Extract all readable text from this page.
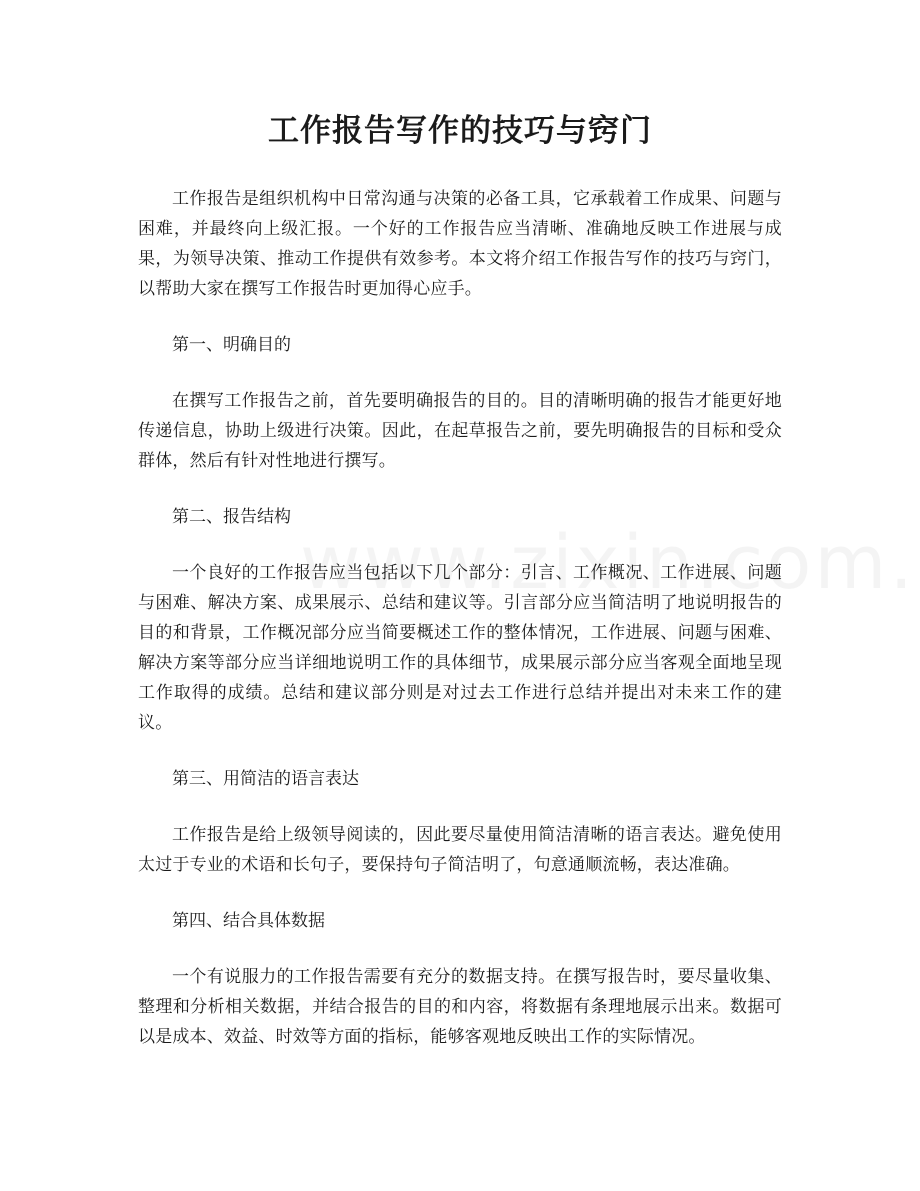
工作报告写作的技巧与窍门

工作报告是组织机构中日常沟通与决策的必备工具，它承载着工作成果、问题与困难，并最终向上级汇报。一个好的工作报告应当清晰、准确地反映工作进展与成果，为领导决策、推动工作提供有效参考。本文将介绍工作报告写作的技巧与窍门，以帮助大家在撰写工作报告时更加得心应手。

第一、明确目的

在撰写工作报告之前，首先要明确报告的目的。目的清晰明确的报告才能更好地传递信息，协助上级进行决策。因此，在起草报告之前，要先明确报告的目标和受众群体，然后有针对性地进行撰写。

第二、报告结构

一个良好的工作报告应当包括以下几个部分：引言、工作概况、工作进展、问题与困难、解决方案、成果展示、总结和建议等。引言部分应当简洁明了地说明报告的目的和背景，工作概况部分应当简要概述工作的整体情况，工作进展、问题与困难、解决方案等部分应当详细地说明工作的具体细节，成果展示部分应当客观全面地呈现工作取得的成绩。总结和建议部分则是对过去工作进行总结并提出对未来工作的建议。

第三、用简洁的语言表达

工作报告是给上级领导阅读的，因此要尽量使用简洁清晰的语言表达。避免使用太过于专业的术语和长句子，要保持句子简洁明了，句意通顺流畅，表达准确。

第四、结合具体数据

一个有说服力的工作报告需要有充分的数据支持。在撰写报告时，要尽量收集、整理和分析相关数据，并结合报告的目的和内容，将数据有条理地展示出来。数据可以是成本、效益、时效等方面的指标，能够客观地反映出工作的实际情况。
